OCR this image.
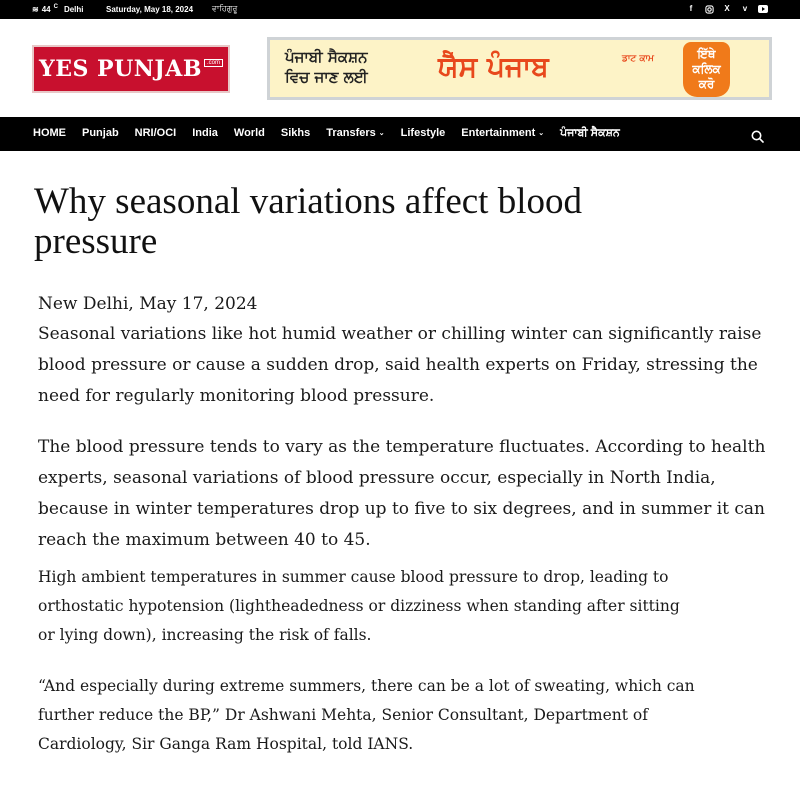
≋ 44 C Delhi	Saturday, May 18, 2024 ਵਾਹਿਗੁਰੂ	f	X	v
YES PUNJAB .com	ਪੰਜਾਬੀ ਸੈਕਸ਼ਨ
ਵਿਚ ਜਾਣ ਲਈ	ਯੈੱਸ ਪੰਜਾਬ	ਡਾਟ ਕਾਮ	ਇੱਥੇ
ਕਲਿਕ
ਕਰੋ
HOME Punjab NRI/OCI India World Sikhs Transfers ⌄ Lifestyle Entertainment ⌄ ਪੰਜਾਬੀ ਸੈਕਸ਼ਨ
Why seasonal variations affect blood pressure
New Delhi, May 17, 2024

Seasonal variations like hot humid weather or chilling winter can significantly raise blood pressure or cause a sudden drop, said health experts on Friday, stressing the need for regularly monitoring blood pressure.

The blood pressure tends to vary as the temperature fluctuates. According to health experts, seasonal variations of blood pressure occur, especially in North India, because in winter temperatures drop up to five to six degrees, and in summer it can reach the maximum between 40 to 45.

High ambient temperatures in summer cause blood pressure to drop, leading to orthostatic hypotension (lightheadedness or dizziness when standing after sitting or lying down), increasing the risk of falls.

“And especially during extreme summers, there can be a lot of sweating, which can further reduce the BP,” Dr Ashwani Mehta, Senior Consultant, Department of Cardiology, Sir Ganga Ram Hospital, told IANS.
